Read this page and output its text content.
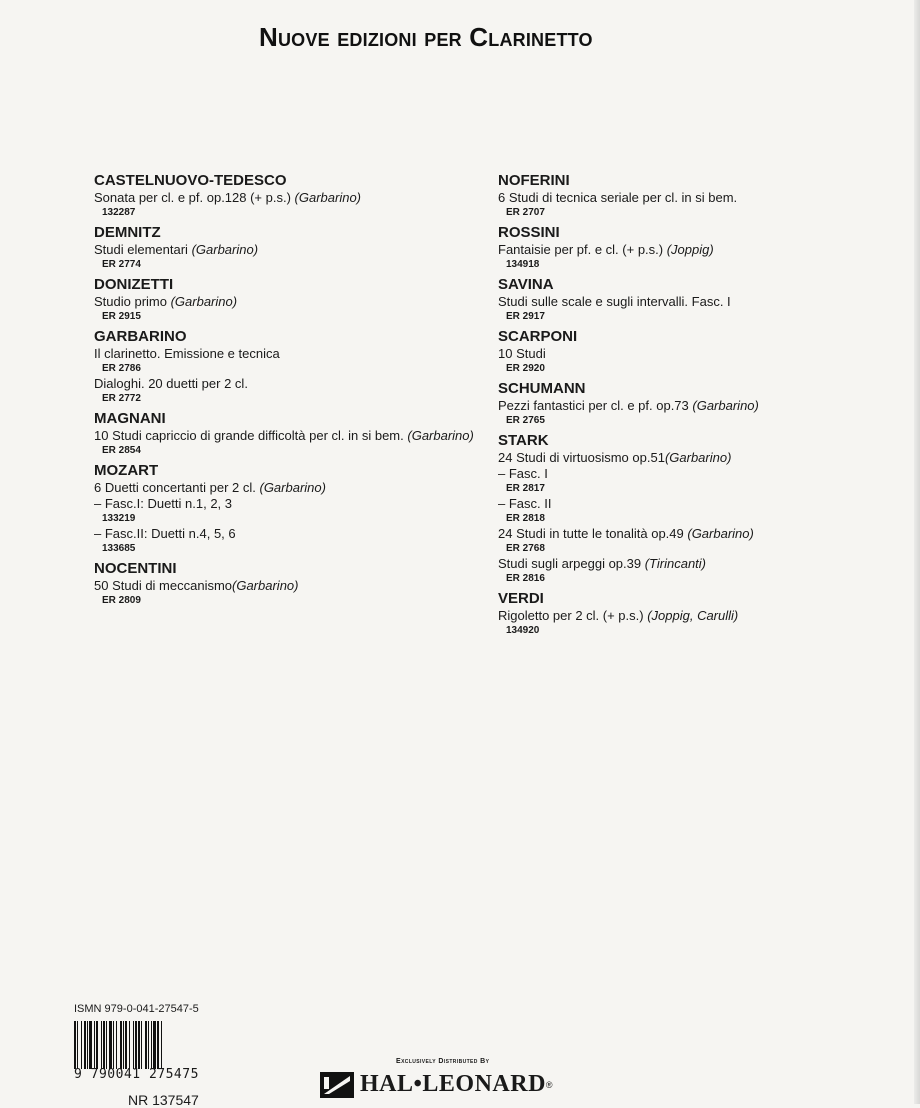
Nuove edizioni per Clarinetto
CASTELNUOVO-TEDESCO
Sonata per cl. e pf. op.128 (+ p.s.) (Garbarino)
132287
DEMNITZ
Studi elementari (Garbarino)
ER 2774
DONIZETTI
Studio primo (Garbarino)
ER 2915
GARBARINO
Il clarinetto. Emissione e tecnica
ER 2786
Dialoghi. 20 duetti per 2 cl.
ER 2772
MAGNANI
10 Studi capriccio di grande difficoltà per cl. in si bem. (Garbarino)
ER 2854
MOZART
6 Duetti concertanti per 2 cl. (Garbarino)
– Fasc.I: Duetti n.1, 2, 3
133219
– Fasc.II: Duetti n.4, 5, 6
133685
NOCENTINI
50 Studi di meccanismo(Garbarino)
ER 2809
NOFERINI
6 Studi di tecnica seriale per cl. in si bem.
ER 2707
ROSSINI
Fantaisie per pf. e cl. (+ p.s.) (Joppig)
134918
SAVINA
Studi sulle scale e sugli intervalli. Fasc. I
ER 2917
SCARPONI
10 Studi
ER 2920
SCHUMANN
Pezzi fantastici per cl. e pf. op.73 (Garbarino)
ER 2765
STARK
24 Studi di virtuosismo op.51(Garbarino)
– Fasc. I
ER 2817
– Fasc. II
ER 2818
24 Studi in tutte le tonalità op.49 (Garbarino)
ER 2768
Studi sugli arpeggi op.39 (Tirincanti)
ER 2816
VERDI
Rigoletto per 2 cl. (+ p.s.) (Joppig, Carulli)
134920
ISMN 979-0-041-27547-5
9 790041 275475
NR 137547
Exclusively Distributed By
HAL•LEONARD ®
